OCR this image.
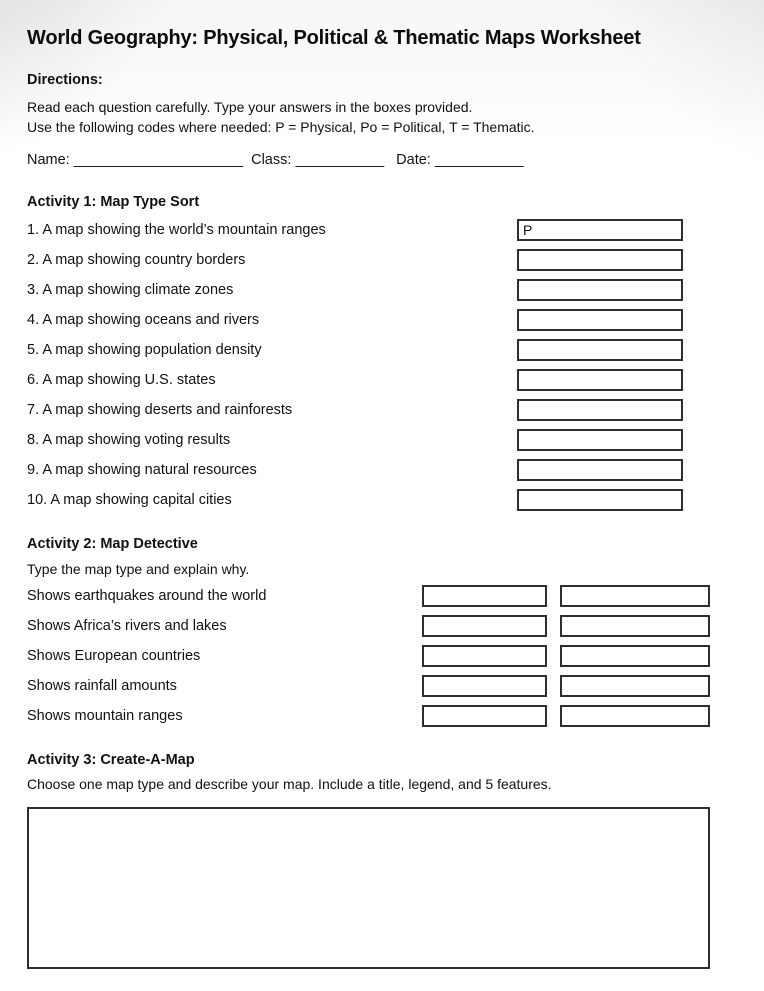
World Geography: Physical, Political & Thematic Maps Worksheet

Directions:

Read each question carefully. Type your answers in the boxes provided.

Use the following codes where needed: P = Physical, Po = Political, T = Thematic.

Name: _____________________ Class: ___________ Date: ___________

Activity 1: Map Type Sort

1. A map showing the world’s mountain ranges
P
2. A map showing country borders
3. A map showing climate zones
4. A map showing oceans and rivers
5. A map showing population density
6. A map showing U.S. states
7. A map showing deserts and rainforests
8. A map showing voting results
9. A map showing natural resources
10. A map showing capital cities

Activity 2: Map Detective

Type the map type and explain why.

Shows earthquakes around the world
Shows Africa’s rivers and lakes
Shows European countries
Shows rainfall amounts
Shows mountain ranges

Activity 3: Create-A-Map

Choose one map type and describe your map. Include a title, legend, and 5 features.
